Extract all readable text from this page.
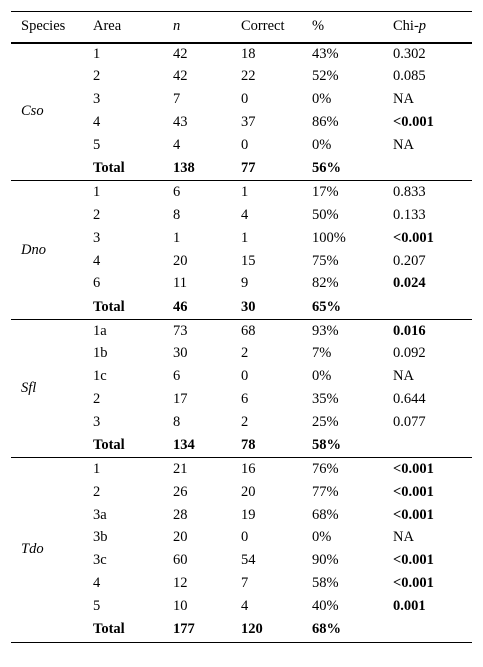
Species	Area	n	Correct	%	Chi-p
Cso	1	42	18	43%	0.302
	2	42	22	52%	0.085
	3	7	0	0%	NA
	4	43	37	86%	<0.001
	5	4	0	0%	NA
	Total	138	77	56%	
Dno	1	6	1	17%	0.833
	2	8	4	50%	0.133
	3	1	1	100%	<0.001
	4	20	15	75%	0.207
	6	11	9	82%	0.024
	Total	46	30	65%	
Sfl	1a	73	68	93%	0.016
	1b	30	2	7%	0.092
	1c	6	0	0%	NA
	2	17	6	35%	0.644
	3	8	2	25%	0.077
	Total	134	78	58%	
Tdo	1	21	16	76%	<0.001
	2	26	20	77%	<0.001
	3a	28	19	68%	<0.001
	3b	20	0	0%	NA
	3c	60	54	90%	<0.001
	4	12	7	58%	<0.001
	5	10	4	40%	0.001
	Total	177	120	68%	
